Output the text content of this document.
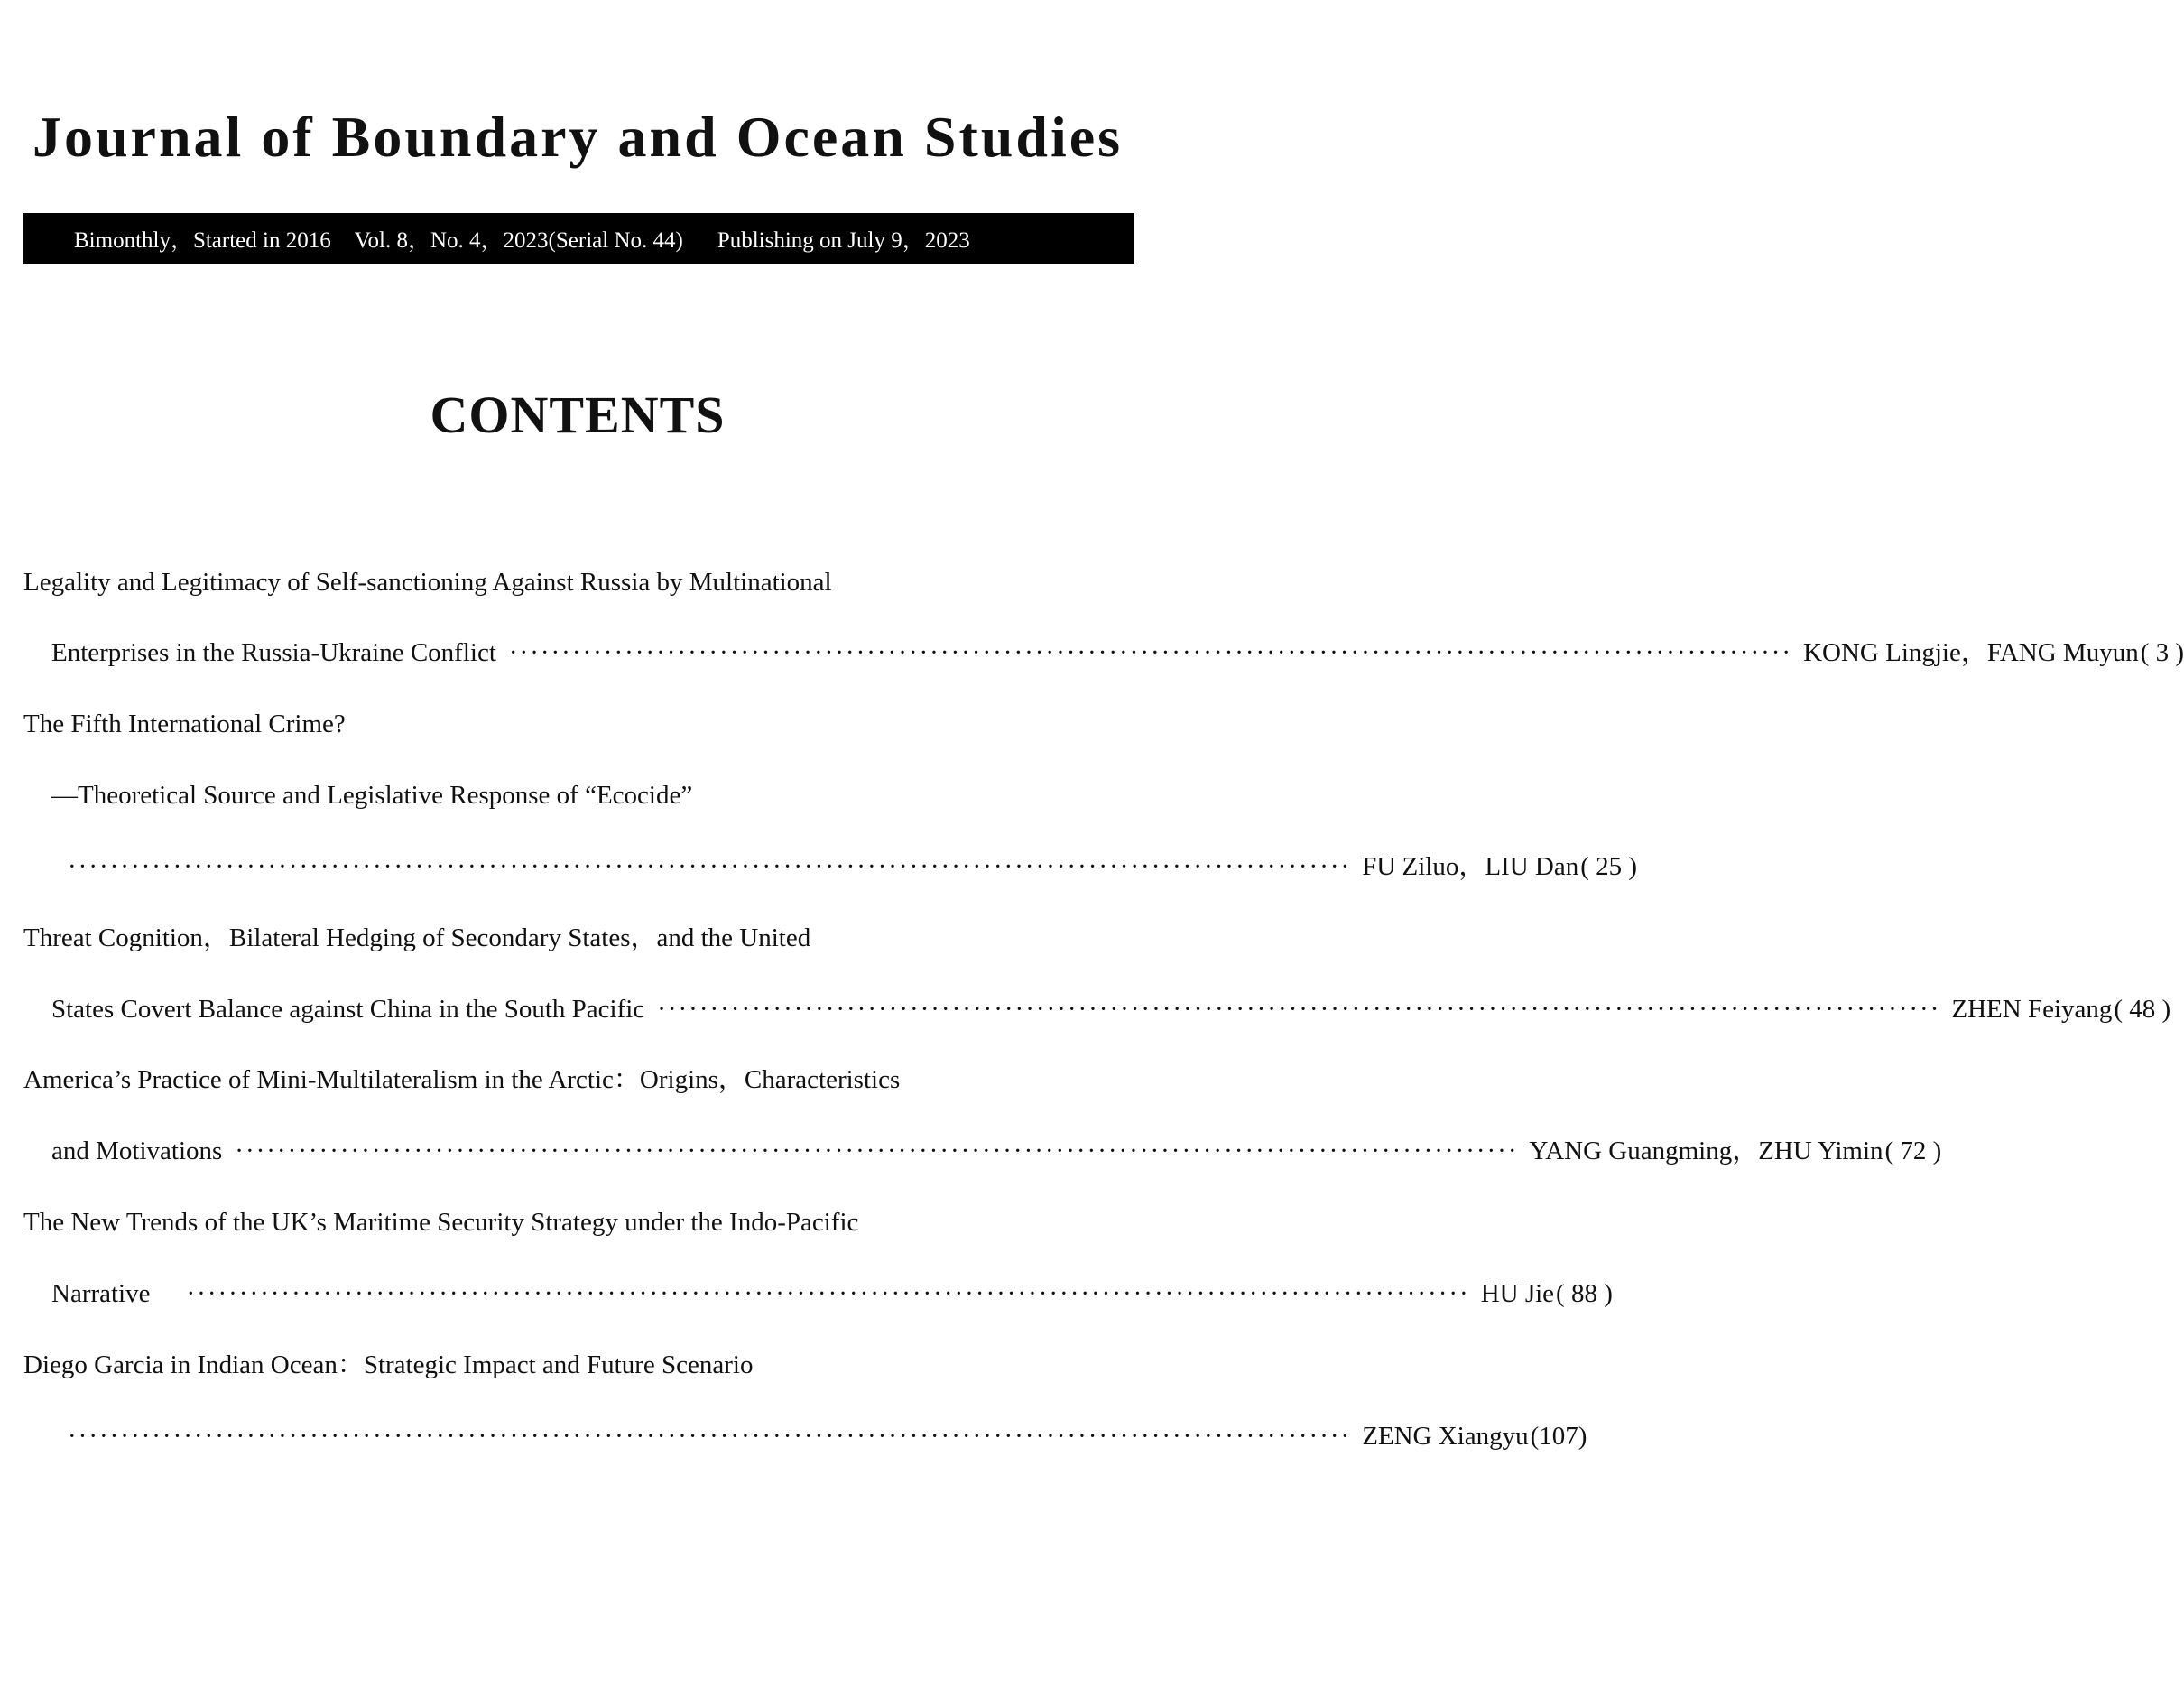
Journal of Boundary and Ocean Studies
Bimonthly，Started in 2016 Vol. 8，No. 4，2023(Serial No. 44) Publishing on July 9，2023
CONTENTS
Legality and Legitimacy of Self-sanctioning Against Russia by Multinational
Enterprises in the Russia-Ukraine Conflict ·························································································································· KONG Lingjie，FANG Muyun ( 3 )
The Fifth International Crime?
—Theoretical Source and Legislative Response of “Ecocide”
·························································································································· FU Ziluo，LIU Dan ( 25 )
Threat Cognition，Bilateral Hedging of Secondary States，and the United
States Covert Balance against China in the South Pacific ·························································································································· ZHEN Feiyang ( 48 )
America’s Practice of Mini-Multilateralism in the Arctic：Origins，Characteristics
and Motivations ·························································································································· YANG Guangming，ZHU Yimin ( 72 )
The New Trends of the UK’s Maritime Security Strategy under the Indo-Pacific
Narrative ·························································································································· HU Jie ( 88 )
Diego Garcia in Indian Ocean：Strategic Impact and Future Scenario
·························································································································· ZENG Xiangyu (107)
